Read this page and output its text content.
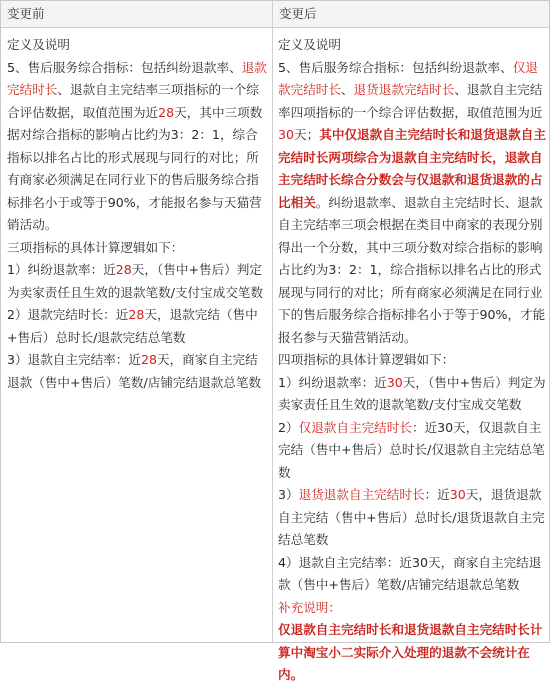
变更前	变更后

定义及说明

5、售后服务综合指标：包括纠纷退款率、退款完结时长、退款自主完结率三项指标的一个综合评估数据，取值范围为近28天，其中三项数据对综合指标的影响占比约为3：2：1，综合指标以排名占比的形式展现与同行的对比；所有商家必须满足在同行业下的售后服务综合指标排名小于或等于90%，才能报名参与天猫营销活动。

三项指标的具体计算逻辑如下：

1）纠纷退款率：近28天，（售中+售后）判定为卖家责任且生效的退款笔数/支付宝成交笔数

2）退款完结时长：近28天，退款完结（售中+售后）总时长/退款完结总笔数

3）退款自主完结率：近28天，商家自主完结退款（售中+售后）笔数/店铺完结退款总笔数

定义及说明

5、售后服务综合指标：包括纠纷退款率、仅退款完结时长、退货退款完结时长、退款自主完结率四项指标的一个综合评估数据，取值范围为近30天；其中仅退款自主完结时长和退货退款自主完结时长两项综合为退款自主完结时长，退款自主完结时长综合分数会与仅退款和退货退款的占比相关。纠纷退款率、退款自主完结时长、退款自主完结率三项会根据在类目中商家的表现分别得出一个分数，其中三项分数对综合指标的影响占比约为3：2：1，综合指标以排名占比的形式展现与同行的对比；所有商家必须满足在同行业下的售后服务综合指标排名小于等于90%，才能报名参与天猫营销活动。

四项指标的具体计算逻辑如下：

1）纠纷退款率：近30天，（售中+售后）判定为卖家责任且生效的退款笔数/支付宝成交笔数

2）仅退款自主完结时长：近30天，仅退款自主完结（售中+售后）总时长/仅退款自主完结总笔数

3）退货退款自主完结时长：近30天，退货退款自主完结（售中+售后）总时长/退货退款自主完结总笔数

4）退款自主完结率：近30天，商家自主完结退款（售中+售后）笔数/店铺完结退款总笔数

补充说明：

仅退款自主完结时长和退货退款自主完结时长计算中淘宝小二实际介入处理的退款不会统计在内。
